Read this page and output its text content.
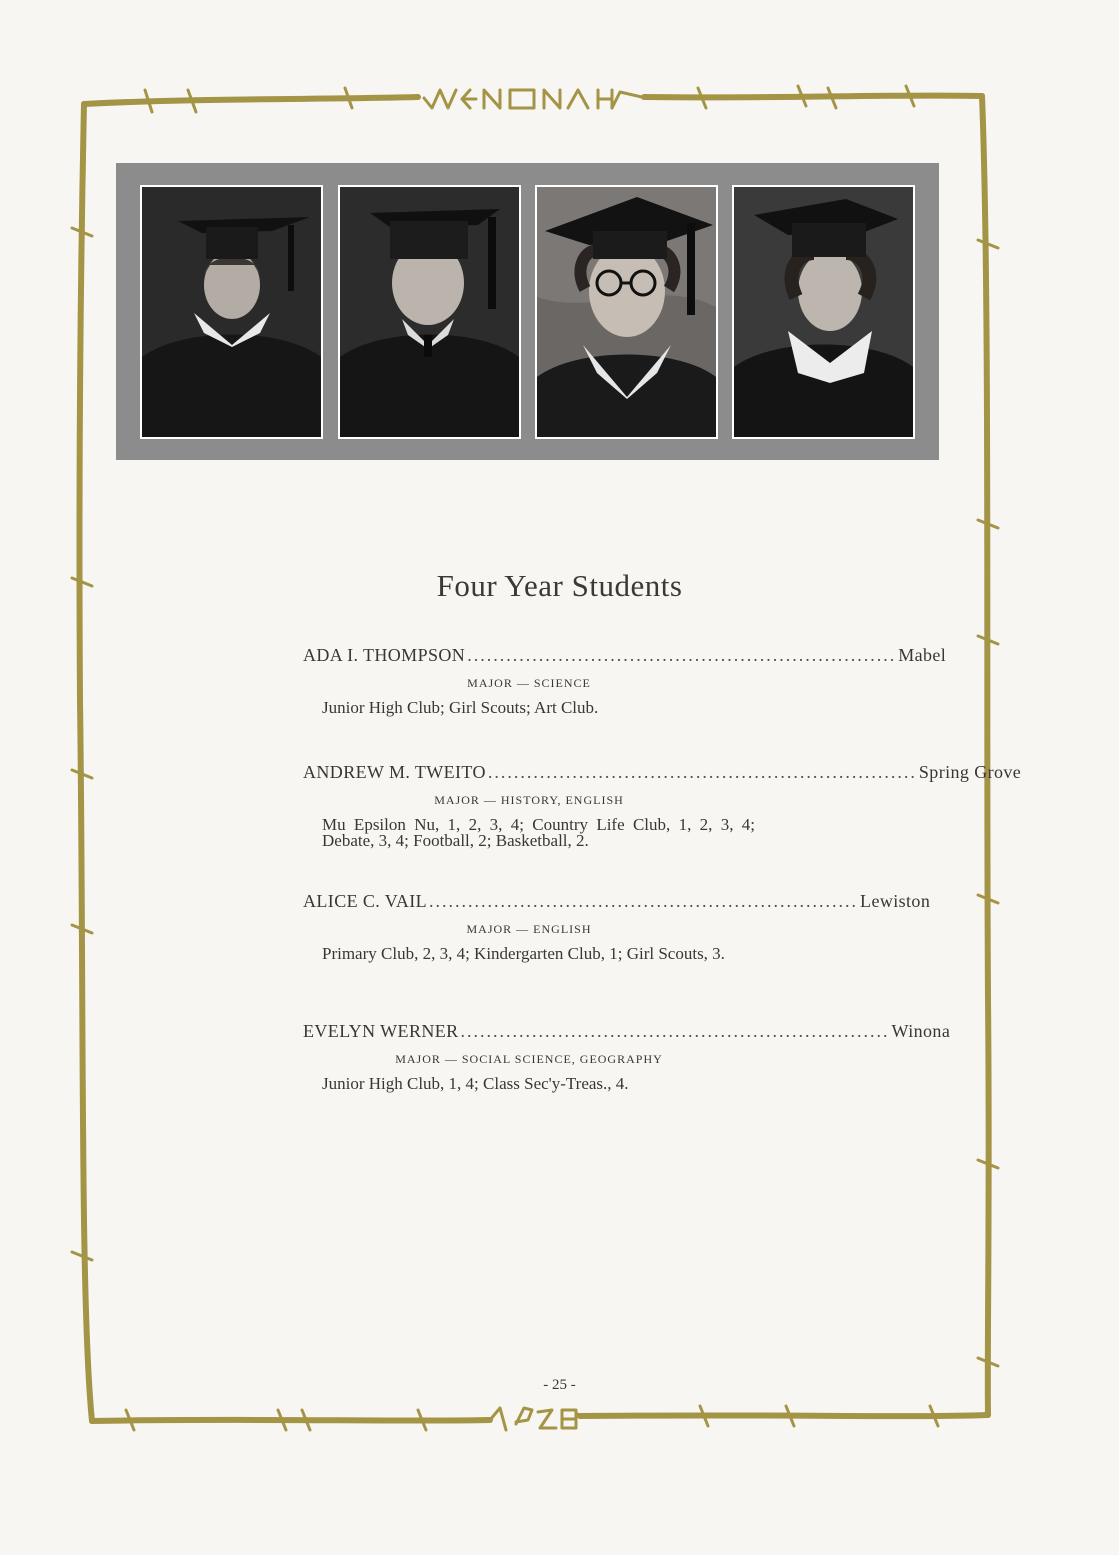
Four Year Students
ADA I. THOMPSON .................................................................. Mabel
MAJOR — SCIENCE
Junior High Club; Girl Scouts; Art Club.
ANDREW M. TWEITO .................................................................. Spring Grove
MAJOR — HISTORY, ENGLISH
Mu Epsilon Nu, 1, 2, 3, 4; Country Life Club, 1, 2, 3, 4; Debate, 3, 4; Football, 2; Basketball, 2.
ALICE C. VAIL .................................................................. Lewiston
MAJOR — ENGLISH
Primary Club, 2, 3, 4; Kindergarten Club, 1; Girl Scouts, 3.
EVELYN WERNER .................................................................. Winona
MAJOR — SOCIAL SCIENCE, GEOGRAPHY
Junior High Club, 1, 4; Class Sec'y-Treas., 4.
- 25 -
